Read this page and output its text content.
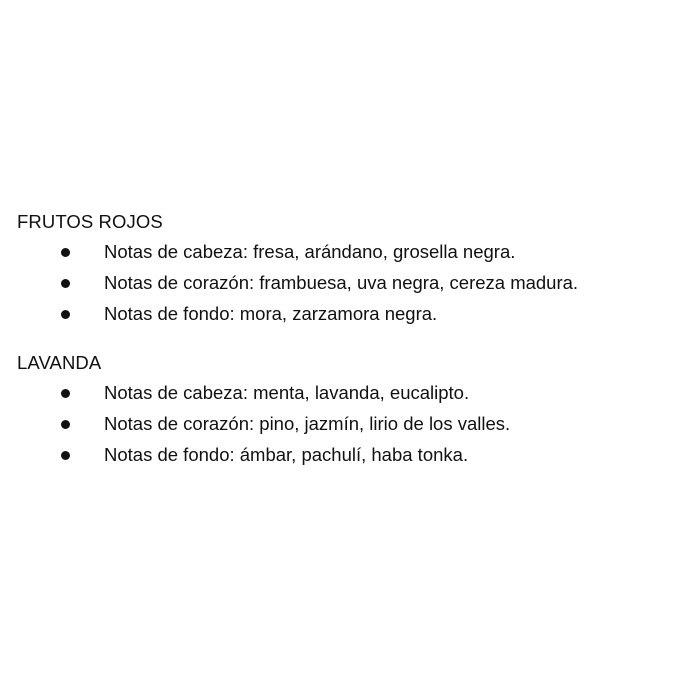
FRUTOS ROJOS
Notas de cabeza: fresa, arándano, grosella negra.
Notas de corazón: frambuesa, uva negra, cereza madura.
Notas de fondo: mora, zarzamora negra.
LAVANDA
Notas de cabeza: menta, lavanda, eucalipto.
Notas de corazón: pino, jazmín, lirio de los valles.
Notas de fondo: ámbar, pachulí, haba tonka.
